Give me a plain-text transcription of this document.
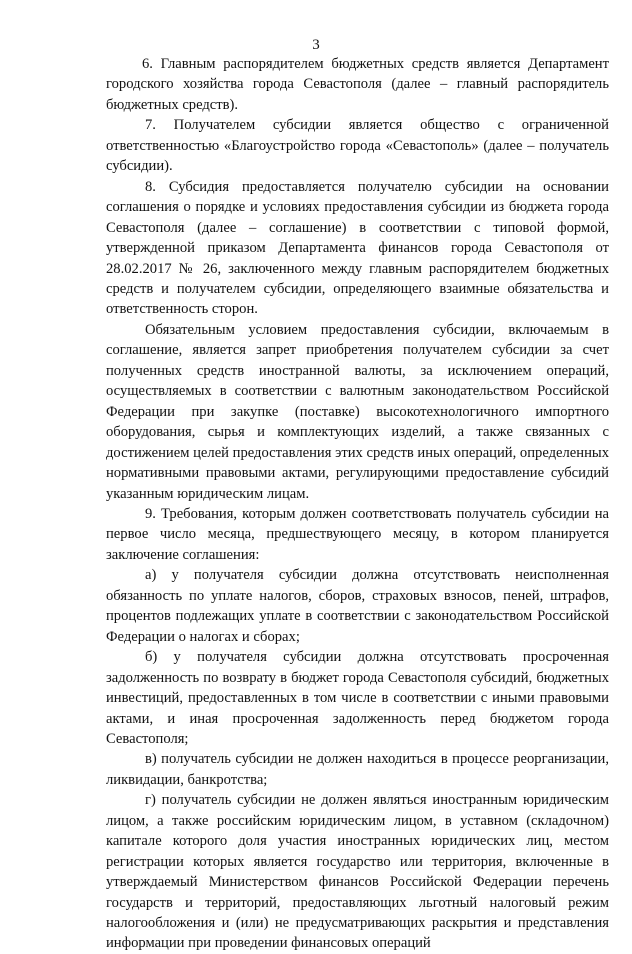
3

6. Главным распорядителем бюджетных средств является Департамент городского хозяйства города Севастополя (далее – главный распорядитель бюджетных средств).

7. Получателем субсидии является общество с ограниченной ответственностью «Благоустройство города «Севастополь» (далее – получатель субсидии).

8. Субсидия предоставляется получателю субсидии на основании соглашения о порядке и условиях предоставления субсидии из бюджета города Севастополя (далее – соглашение) в соответствии с типовой формой, утвержденной приказом Департамента финансов города Севастополя от 28.02.2017 № 26, заключенного между главным распорядителем бюджетных средств и получателем субсидии, определяющего взаимные обязательства и ответственность сторон.

Обязательным условием предоставления субсидии, включаемым в соглашение, является запрет приобретения получателем субсидии за счет полученных средств иностранной валюты, за исключением операций, осуществляемых в соответствии с валютным законодательством Российской Федерации при закупке (поставке) высокотехнологичного импортного оборудования, сырья и комплектующих изделий, а также связанных с достижением целей предоставления этих средств иных операций, определенных нормативными правовыми актами, регулирующими предоставление субсидий указанным юридическим лицам.

9. Требования, которым должен соответствовать получатель субсидии на первое число месяца, предшествующего месяцу, в котором планируется заключение соглашения:

а) у получателя субсидии должна отсутствовать неисполненная обязанность по уплате налогов, сборов, страховых взносов, пеней, штрафов, процентов подлежащих уплате в соответствии с законодательством Российской Федерации о налогах и сборах;

б) у получателя субсидии должна отсутствовать просроченная задолженность по возврату в бюджет города Севастополя субсидий, бюджетных инвестиций, предоставленных в том числе в соответствии с иными правовыми актами, и иная просроченная задолженность перед бюджетом города Севастополя;

в) получатель субсидии не должен находиться в процессе реорганизации, ликвидации, банкротства;

г) получатель субсидии не должен являться иностранным юридическим лицом, а также российским юридическим лицом, в уставном (складочном) капитале которого доля участия иностранных юридических лиц, местом регистрации которых является государство или территория, включенные в утверждаемый Министерством финансов Российской Федерации перечень государств и территорий, предоставляющих льготный налоговый режим налогообложения и (или) не предусматривающих раскрытия и представления информации при проведении финансовых операций
